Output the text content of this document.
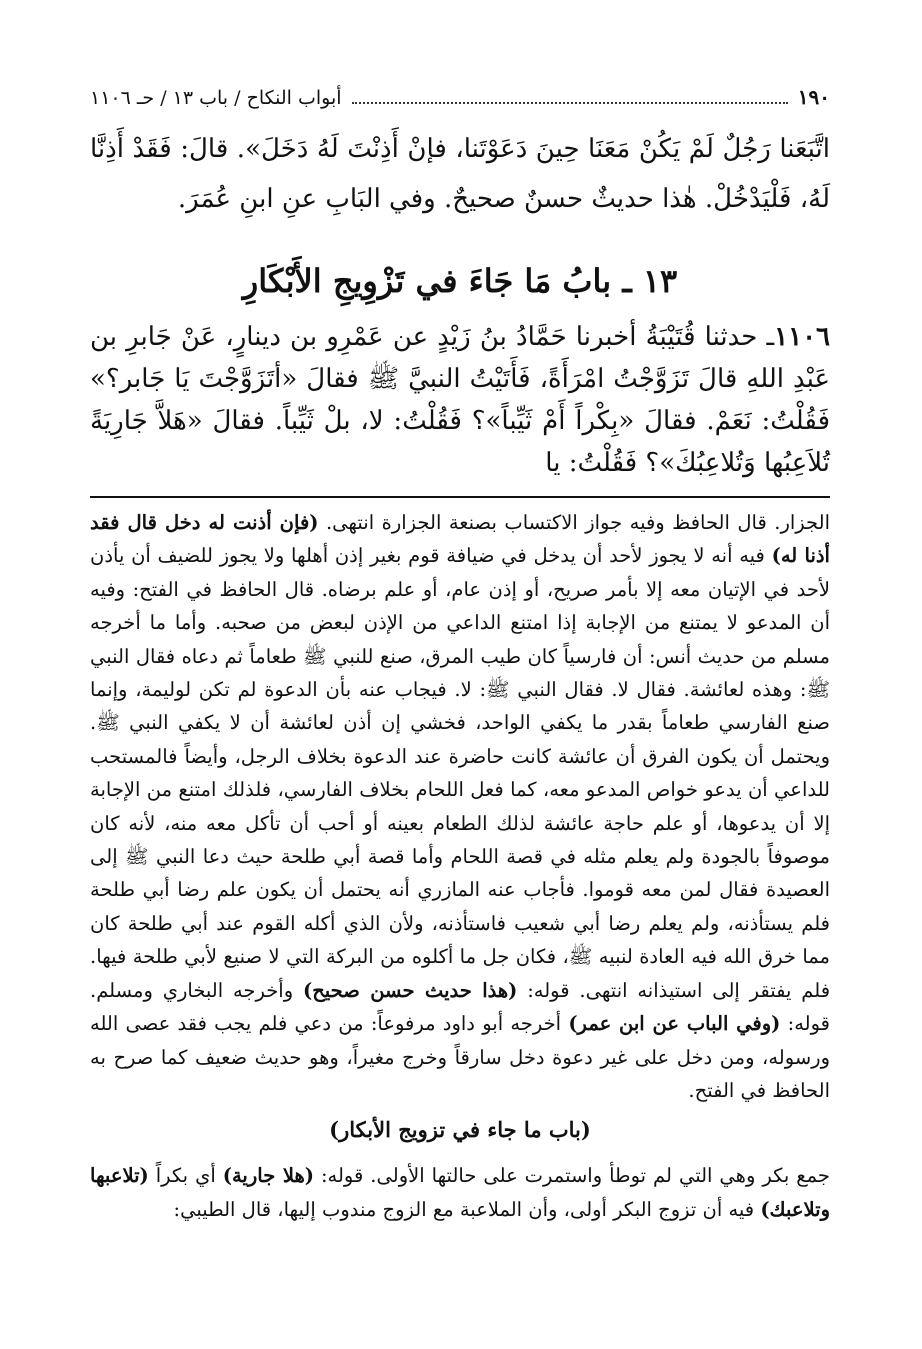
١٩٠
أبواب النكاح / باب ١٣ / حـ ١١٠٦

اتَّبَعَنا رَجُلٌ لَمْ يَكُنْ مَعَنَا حِينَ دَعَوْتَنا، فإنْ أَذِنْتَ لَهُ دَخَلَ». قالَ: فَقَدْ أَذِنَّا لَهُ، فَلْيَدْخُلْ. هٰذا حديثٌ حسنٌ صحيحٌ. وفي البَابِ عنِ ابنِ عُمَرَ.

١٣ ـ بابُ مَا جَاءَ في تَزْوِيجِ الأَبْكَارِ

١١٠٦ـ حدثنا قُتَيْبَةُ أخبرنا حَمَّادُ بنُ زَيْدٍ عن عَمْرِو بن دينارٍ، عَنْ جَابرِ بن عَبْدِ اللهِ قالَ تَزَوَّجْتُ امْرَأَةً، فَأَتَيْتُ النبيَّ ﷺ فقالَ «أتَزَوَّجْتَ يَا جَابر؟» فَقُلْتُ: نَعَمْ. فقالَ «بِكْراً أَمْ ثَيِّباً»؟ فَقُلْتُ: لا، بلْ ثَيِّباً. فقالَ «هَلاَّ جَارِيَةً تُلاَعِبُها وَتُلاعِبُكَ»؟ فَقُلْتُ: يا

الجزار. قال الحافظ وفيه جواز الاكتساب بصنعة الجزارة انتهى. (فإن أذنت له دخل قال فقد أذنا له) فيه أنه لا يجوز لأحد أن يدخل في ضيافة قوم بغير إذن أهلها ولا يجوز للضيف أن يأذن لأحد في الإتيان معه إلا بأمر صريح، أو إذن عام، أو علم برضاه. قال الحافظ في الفتح: وفيه أن المدعو لا يمتنع من الإجابة إذا امتنع الداعي من الإذن لبعض من صحبه. وأما ما أخرجه مسلم من حديث أنس: أن فارسياً كان طيب المرق، صنع للنبي ﷺ طعاماً ثم دعاه فقال النبي ﷺ: وهذه لعائشة. فقال لا. فقال النبي ﷺ: لا. فيجاب عنه بأن الدعوة لم تكن لوليمة، وإنما صنع الفارسي طعاماً بقدر ما يكفي الواحد، فخشي إن أذن لعائشة أن لا يكفي النبي ﷺ. ويحتمل أن يكون الفرق أن عائشة كانت حاضرة عند الدعوة بخلاف الرجل، وأيضاً فالمستحب للداعي أن يدعو خواص المدعو معه، كما فعل اللحام بخلاف الفارسي، فلذلك امتنع من الإجابة إلا أن يدعوها، أو علم حاجة عائشة لذلك الطعام بعينه أو أحب أن تأكل معه منه، لأنه كان موصوفاً بالجودة ولم يعلم مثله في قصة اللحام وأما قصة أبي طلحة حيث دعا النبي ﷺ إلى العصيدة فقال لمن معه قوموا. فأجاب عنه المازري أنه يحتمل أن يكون علم رضا أبي طلحة فلم يستأذنه، ولم يعلم رضا أبي شعيب فاستأذنه، ولأن الذي أكله القوم عند أبي طلحة كان مما خرق الله فيه العادة لنبيه ﷺ، فكان جل ما أكلوه من البركة التي لا صنيع لأبي طلحة فيها. فلم يفتقر إلى استيذانه انتهى. قوله: (هذا حديث حسن صحيح) وأخرجه البخاري ومسلم. قوله: (وفي الباب عن ابن عمر) أخرجه أبو داود مرفوعاً: من دعي فلم يجب فقد عصى الله ورسوله، ومن دخل على غير دعوة دخل سارقاً وخرج مغيراً، وهو حديث ضعيف كما صرح به الحافظ في الفتح.

(باب ما جاء في تزويج الأبكار)

جمع بكر وهي التي لم توطأ واستمرت على حالتها الأولى. قوله: (هلا جارية) أي بكراً (تلاعبها وتلاعبك) فيه أن تزوج البكر أولى، وأن الملاعبة مع الزوج مندوب إليها، قال الطيبي:
